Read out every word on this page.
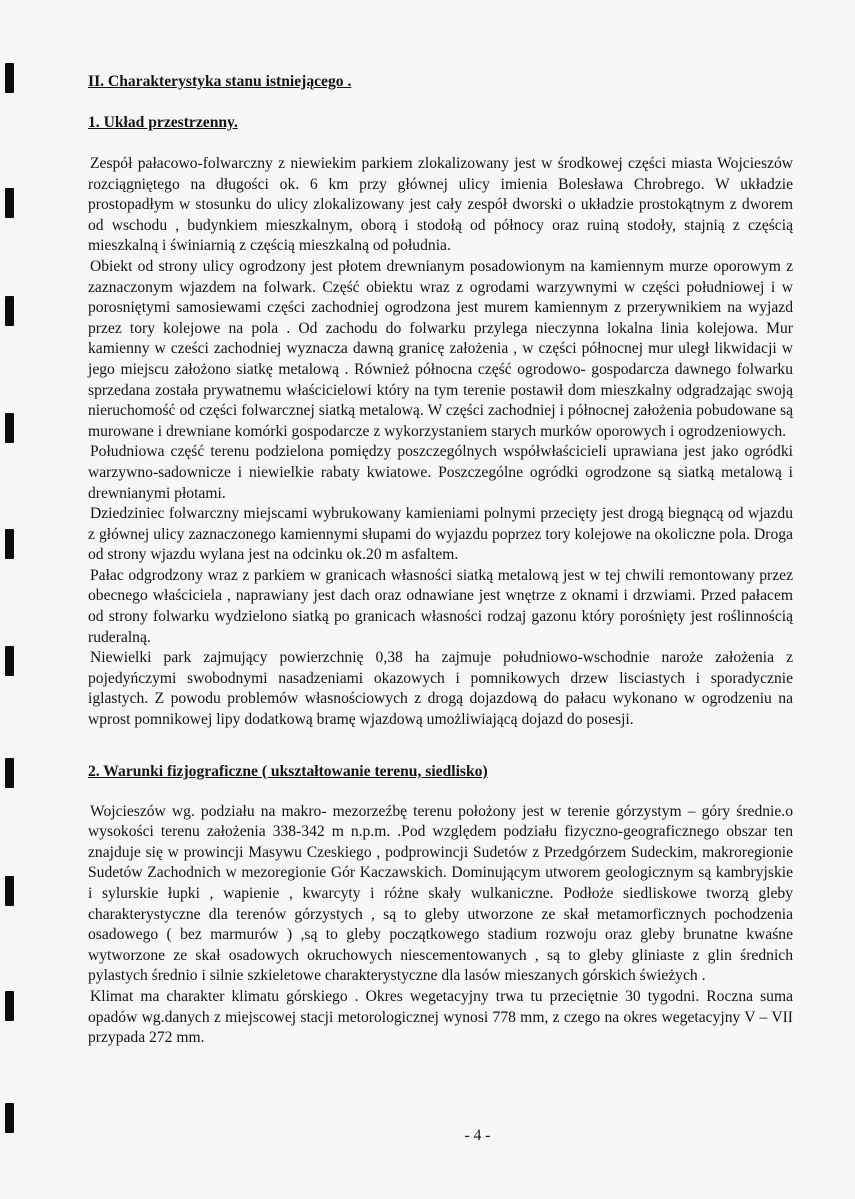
II. Charakterystyka stanu istniejącego .
1. Układ przestrzenny.

Zespół pałacowo-folwarczny z niewiekim parkiem zlokalizowany jest w środkowej części miasta Wojcieszów rozciągniętego na długości ok. 6 km przy głównej ulicy imienia Bolesława Chrobrego. W układzie prostopadłym w stosunku do ulicy zlokalizowany jest cały zespół dworski o układzie prostokątnym z dworem od wschodu , budynkiem mieszkalnym, oborą i stodołą od północy oraz ruiną stodoły, stajnią z częścią mieszkalną i świniarnią z częścią mieszkalną od południa.

Obiekt od strony ulicy ogrodzony jest płotem drewnianym posadowionym na kamiennym murze oporowym z zaznaczonym wjazdem na folwark. Część obiektu wraz z ogrodami warzywnymi w części południowej i w porosniętymi samosiewami części zachodniej ogrodzona jest murem kamiennym z przerywnikiem na wyjazd przez tory kolejowe na pola . Od zachodu do folwarku przylega nieczynna lokalna linia kolejowa. Mur kamienny w cześci zachodniej wyznacza dawną granicę założenia , w części północnej mur uległ likwidacji w jego miejscu założono siatkę metalową . Również północna część ogrodowo- gospodarcza dawnego folwarku sprzedana została prywatnemu właścicielowi który na tym terenie postawił dom mieszkalny odgradzając swoją nieruchomość od części folwarcznej siatką metalową. W części zachodniej i północnej założenia pobudowane są murowane i drewniane komórki gospodarcze z wykorzystaniem starych murków oporowych i ogrodzeniowych.

Południowa część terenu podzielona pomiędzy poszczególnych współwłaścicieli uprawiana jest jako ogródki warzywno-sadownicze i niewielkie rabaty kwiatowe. Poszczególne ogródki ogrodzone są siatką metalową i drewnianymi płotami.

Dziedziniec folwarczny miejscami wybrukowany kamieniami polnymi przecięty jest drogą biegnącą od wjazdu z głównej ulicy zaznaczonego kamiennymi słupami do wyjazdu poprzez tory kolejowe na okoliczne pola. Droga od strony wjazdu wylana jest na odcinku ok.20 m asfaltem.

Pałac odgrodzony wraz z parkiem w granicach własności siatką metalową jest w tej chwili remontowany przez obecnego właściciela , naprawiany jest dach oraz odnawiane jest wnętrze z oknami i drzwiami. Przed pałacem od strony folwarku wydzielono siatką po granicach własności rodzaj gazonu który porośnięty jest roślinnością ruderalną.

Niewielki park zajmujący powierzchnię 0,38 ha zajmuje południowo-wschodnie naroże założenia z pojedyńczymi swobodnymi nasadzeniami okazowych i pomnikowych drzew lisciastych i sporadycznie iglastych. Z powodu problemów własnościowych z drogą dojazdową do pałacu wykonano w ogrodzeniu na wprost pomnikowej lipy dodatkową bramę wjazdową umożliwiającą dojazd do posesji.

2. Warunki fizjograficzne ( ukształtowanie terenu, siedlisko)

Wojcieszów wg. podziału na makro- mezorzeźbę terenu położony jest w terenie górzystym – góry średnie.o wysokości terenu założenia 338-342 m n.p.m. .Pod względem podziału fizyczno-geograficznego obszar ten znajduje się w prowincji Masywu Czeskiego , podprowincji Sudetów z Przedgórzem Sudeckim, makroregionie Sudetów Zachodnich w mezoregionie Gór Kaczawskich. Dominującym utworem geologicznym są kambryjskie i sylurskie łupki , wapienie , kwarcyty i różne skały wulkaniczne. Podłoże siedliskowe tworzą gleby charakterystyczne dla terenów górzystych , są to gleby utworzone ze skał metamorficznych pochodzenia osadowego ( bez marmurów ) ,są to gleby początkowego stadium rozwoju oraz gleby brunatne kwaśne wytworzone ze skał osadowych okruchowych niescementowanych , są to gleby gliniaste z glin średnich pylastych średnio i silnie szkieletowe charakterystyczne dla lasów mieszanych górskich świeżych .

Klimat ma charakter klimatu górskiego . Okres wegetacyjny trwa tu przeciętnie 30 tygodni. Roczna suma opadów wg.danych z miejscowej stacji metorologicznej wynosi 778 mm, z czego na okres wegetacyjny V – VII przypada 272 mm.

- 4 -
